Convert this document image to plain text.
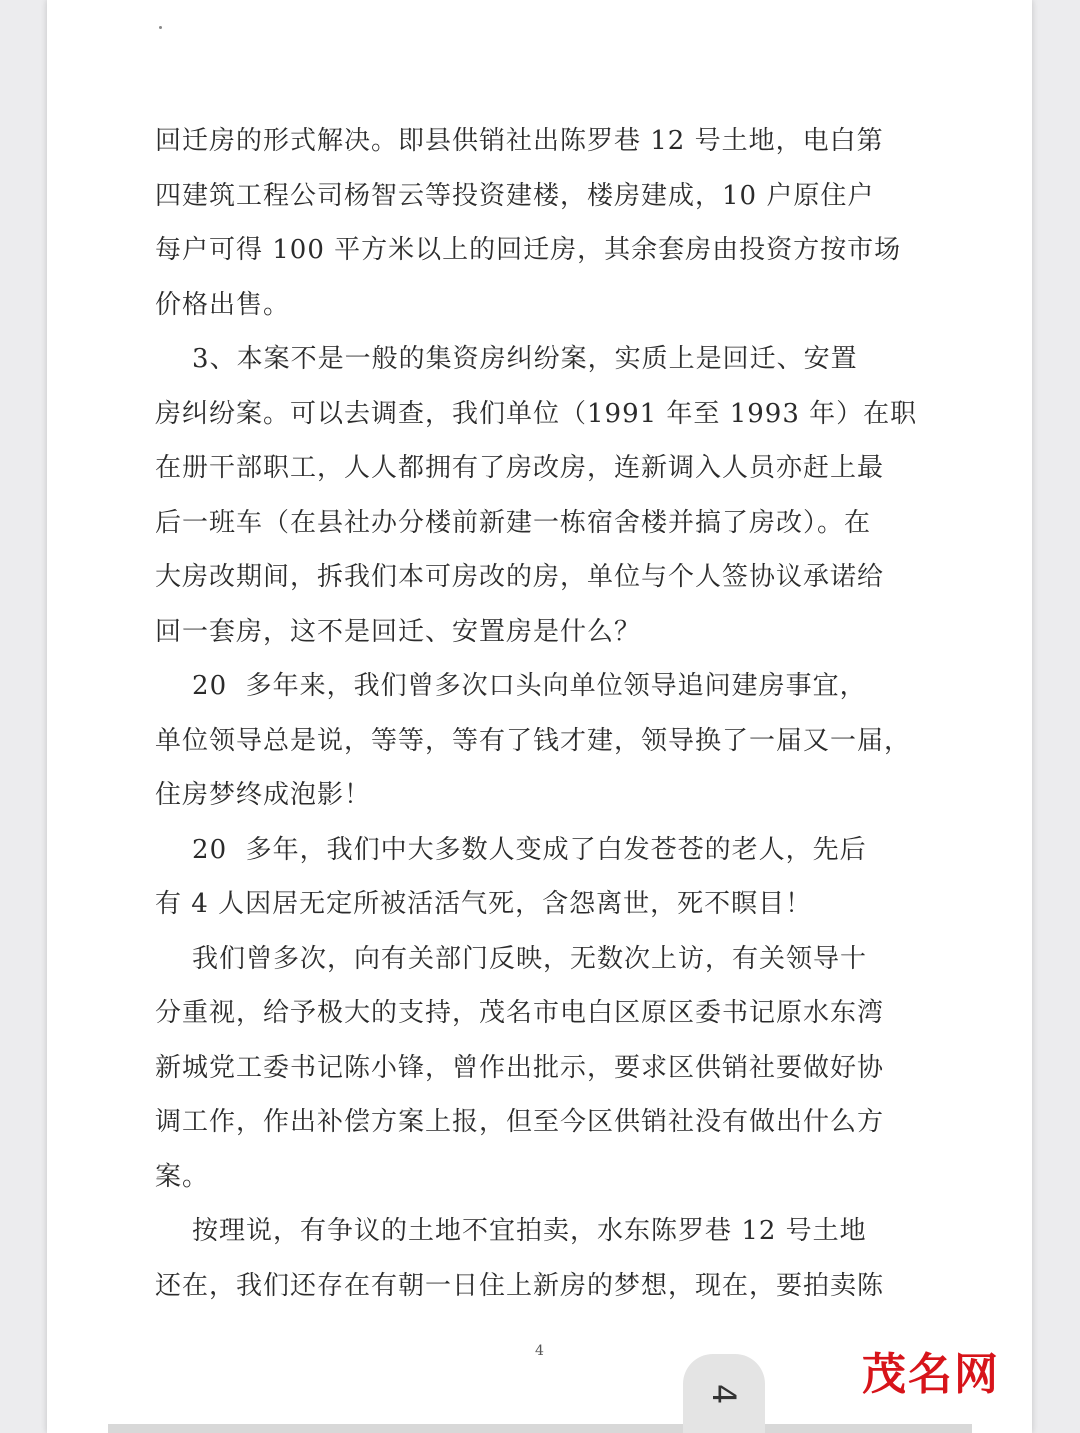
回迁房的形式解决。即县供销社出陈罗巷 12 号土地，电白第
四建筑工程公司杨智云等投资建楼，楼房建成，10 户原住户
每户可得 100 平方米以上的回迁房，其余套房由投资方按市场
价格出售。
3、本案不是一般的集资房纠纷案，实质上是回迁、安置
房纠纷案。可以去调查，我们单位（1991 年至 1993 年）在职
在册干部职工，人人都拥有了房改房，连新调入人员亦赶上最
后一班车（在县社办分楼前新建一栋宿舍楼并搞了房改）。在
大房改期间，拆我们本可房改的房，单位与个人签协议承诺给
回一套房，这不是回迁、安置房是什么？
20  多年来，我们曾多次口头向单位领导追问建房事宜，
单位领导总是说，等等，等有了钱才建，领导换了一届又一届，
住房梦终成泡影！
20  多年，我们中大多数人变成了白发苍苍的老人，先后
有 4 人因居无定所被活活气死，含怨离世，死不瞑目！
我们曾多次，向有关部门反映，无数次上访，有关领导十
分重视，给予极大的支持，茂名市电白区原区委书记原水东湾
新城党工委书记陈小锋，曾作出批示，要求区供销社要做好协
调工作，作出补偿方案上报，但至今区供销社没有做出什么方
案。
按理说，有争议的土地不宜拍卖，水东陈罗巷 12 号土地
还在，我们还存在有朝一日住上新房的梦想，现在，要拍卖陈
4
4	茂名网
